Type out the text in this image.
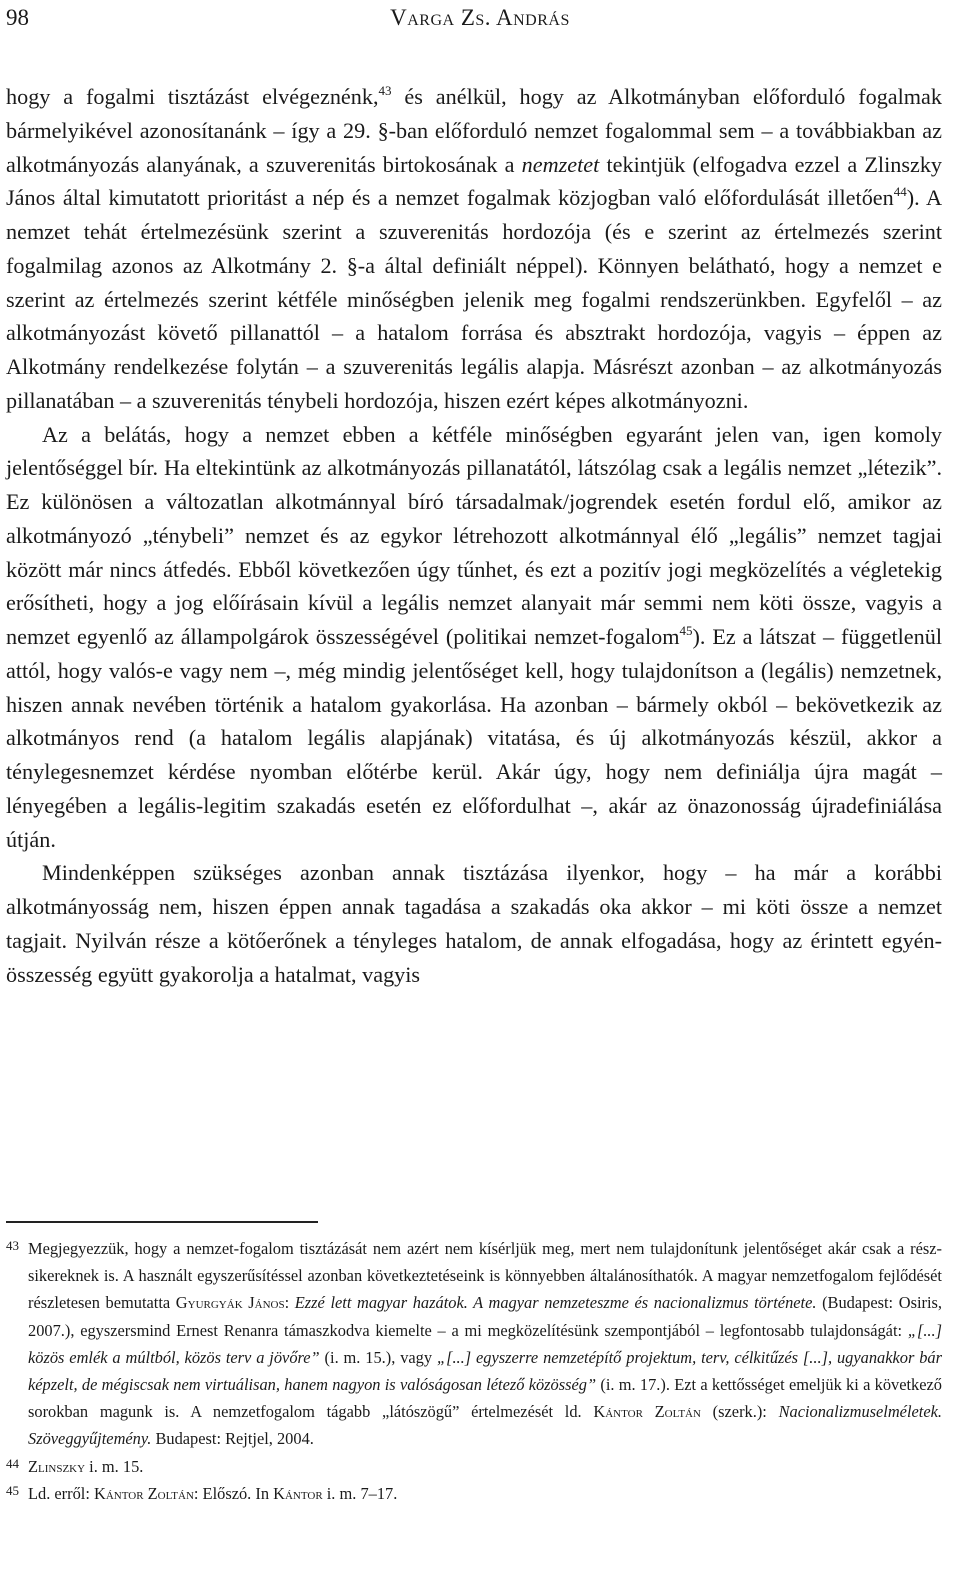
98	Varga Zs. András

hogy a fogalmi tisztázást elvégeznénk,$^{43}$ és anélkül, hogy az Alkotmányban előforduló fogalmak bármelyikével azonosítanánk – így a 29. §-ban előforduló nemzet fogalommal sem – a továbbiakban az alkotmányozás alanyának, a szuverenitás birtokosának a nemzetet tekintjük (elfogadva ezzel a Zlinszky János által kimutatott prioritást a nép és a nemzet fogalmak közjogban való előfordulását illetően$^{44}$). A nemzet tehát értelmezésünk szerint a szuverenitás hordozója (és e szerint az értelmezés szerint fogalmilag azonos az Alkotmány 2. §-a által definiált néppel). Könnyen belátható, hogy a nemzet e szerint az értelmezés szerint kétféle minőségben jelenik meg fogalmi rendszerünkben. Egyfelől – az alkotmányozást követő pillanattól – a hatalom forrása és absztrakt hordozója, vagyis – éppen az Alkotmány rendelkezése folytán – a szuverenitás legális alapja. Másrészt azonban – az alkotmányozás pillanatában – a szuverenitás ténybeli hordozója, hiszen ezért képes alkotmányozni.

Az a belátás, hogy a nemzet ebben a kétféle minőségben egyaránt jelen van, igen komoly jelentőséggel bír. Ha eltekintünk az alkotmányozás pillanatától, látszólag csak a legális nemzet „létezik”. Ez különösen a változatlan alkotmánnyal bíró társadalmak/jogrendek esetén fordul elő, amikor az alkotmányozó „ténybeli” nemzet és az egykor létrehozott alkotmánnyal élő „legális” nemzet tagjai között már nincs átfedés. Ebből következően úgy tűnhet, és ezt a pozitív jogi megközelítés a végletekig erősítheti, hogy a jog előírásain kívül a legális nemzet alanyait már semmi nem köti össze, vagyis a nemzet egyenlő az állampolgárok összességével (politikai nemzet-fogalom$^{45}$). Ez a látszat – függetlenül attól, hogy valós-e vagy nem –, még mindig jelentőséget kell, hogy tulajdonítson a (legális) nemzetnek, hiszen annak nevében történik a hatalom gyakorlása. Ha azonban – bármely okból – bekövetkezik az alkotmányos rend (a hatalom legális alapjának) vitatása, és új alkotmányozás készül, akkor a ténylegesnemzet kérdése nyomban előtérbe kerül. Akár úgy, hogy nem definiálja újra magát – lényegében a legális-legitim szakadás esetén ez előfordulhat –, akár az önazonosság újradefiniálása útján.

Mindenképpen szükséges azonban annak tisztázása ilyenkor, hogy – ha már a korábbi alkotmányosság nem, hiszen éppen annak tagadása a szakadás oka akkor – mi köti össze a nemzet tagjait. Nyilván része a kötőerőnek a tényleges hatalom, de annak elfogadása, hogy az érintett egyén-összesség együtt gyakorolja a hatalmat, vagyis

43 Megjegyezzük, hogy a nemzet-fogalom tisztázását nem azért nem kísérljük meg, mert nem tulajdonítunk jelentőséget akár csak a rész-sikereknek is. A használt egyszerűsítéssel azonban következtetéseink is könnyebben általánosíthatók. A magyar nemzetfogalom fejlődését részletesen bemutatta Gyurgyák János: Ezzé lett magyar hazátok. A magyar nemzeteszme és nacionalizmus története. (Budapest: Osiris, 2007.), egyszersmind Ernest Renanra támaszkodva kiemelte – a mi megközelítésünk szempontjából – legfontosabb tulajdonságát: „[...] közös emlék a múltból, közös terv a jövőre” (i. m. 15.), vagy „[...] egyszerre nemzetépítő projektum, terv, célkitűzés [...], ugyanakkor bár képzelt, de mégiscsak nem virtuálisan, hanem nagyon is valóságosan létező közösség” (i. m. 17.). Ezt a kettősséget emeljük ki a következő sorokban magunk is. A nemzetfogalom tágabb „látószögű” értelmezését ld. Kántor Zoltán (szerk.): Nacionalizmuselméletek. Szöveggyűjtemény. Budapest: Rejtjel, 2004.
44 Zlinszky i. m. 15.
45 Ld. erről: Kántor Zoltán: Előszó. In Kántor i. m. 7–17.
